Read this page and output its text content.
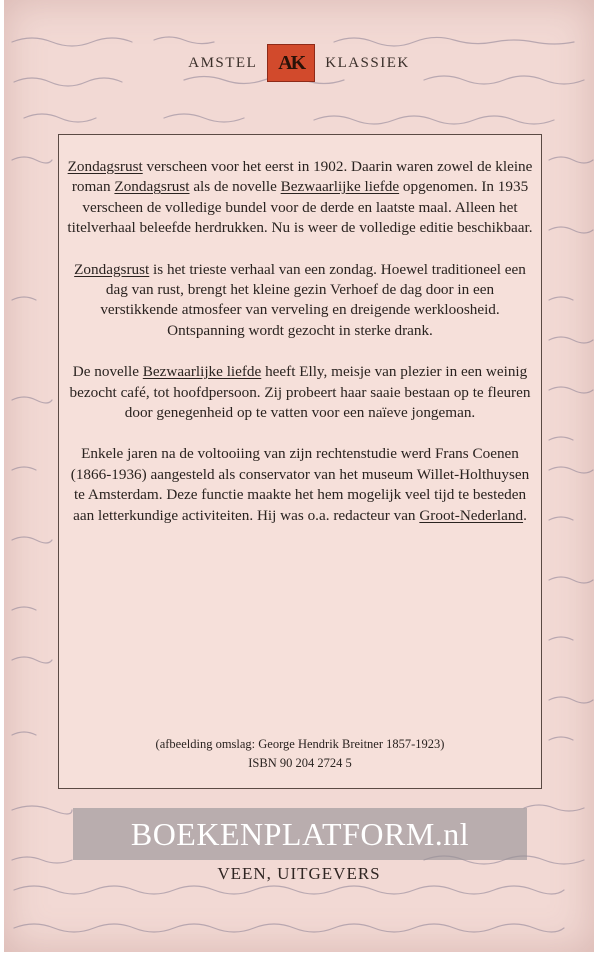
AMSTEL	AK	KLASSIEK

Zondagsrust verscheen voor het eerst in 1902. Daarin waren zowel de kleine roman Zondagsrust als de novelle Bezwaarlijke liefde opgenomen. In 1935 verscheen de volledige bundel voor de derde en laatste maal. Alleen het titelverhaal beleefde herdrukken. Nu is weer de volledige editie beschikbaar.

Zondagsrust is het trieste verhaal van een zondag. Hoewel traditioneel een dag van rust, brengt het kleine gezin Verhoef de dag door in een verstikkende atmosfeer van verveling en dreigende werkloosheid. Ontspanning wordt gezocht in sterke drank.

De novelle Bezwaarlijke liefde heeft Elly, meisje van plezier in een weinig bezocht café, tot hoofdpersoon. Zij probeert haar saaie bestaan op te fleuren door genegenheid op te vatten voor een naïeve jongeman.

Enkele jaren na de voltooiing van zijn rechtenstudie werd Frans Coenen (1866-1936) aangesteld als conservator van het museum Willet-Holthuysen te Amsterdam. Deze functie maakte het hem mogelijk veel tijd te besteden aan letterkundige activiteiten. Hij was o.a. redacteur van Groot-Nederland.

(afbeelding omslag: George Hendrik Breitner 1857-1923)
ISBN 90 204 2724 5
VEEN, UITGEVERS
BOEKENPLATFORM.nl
